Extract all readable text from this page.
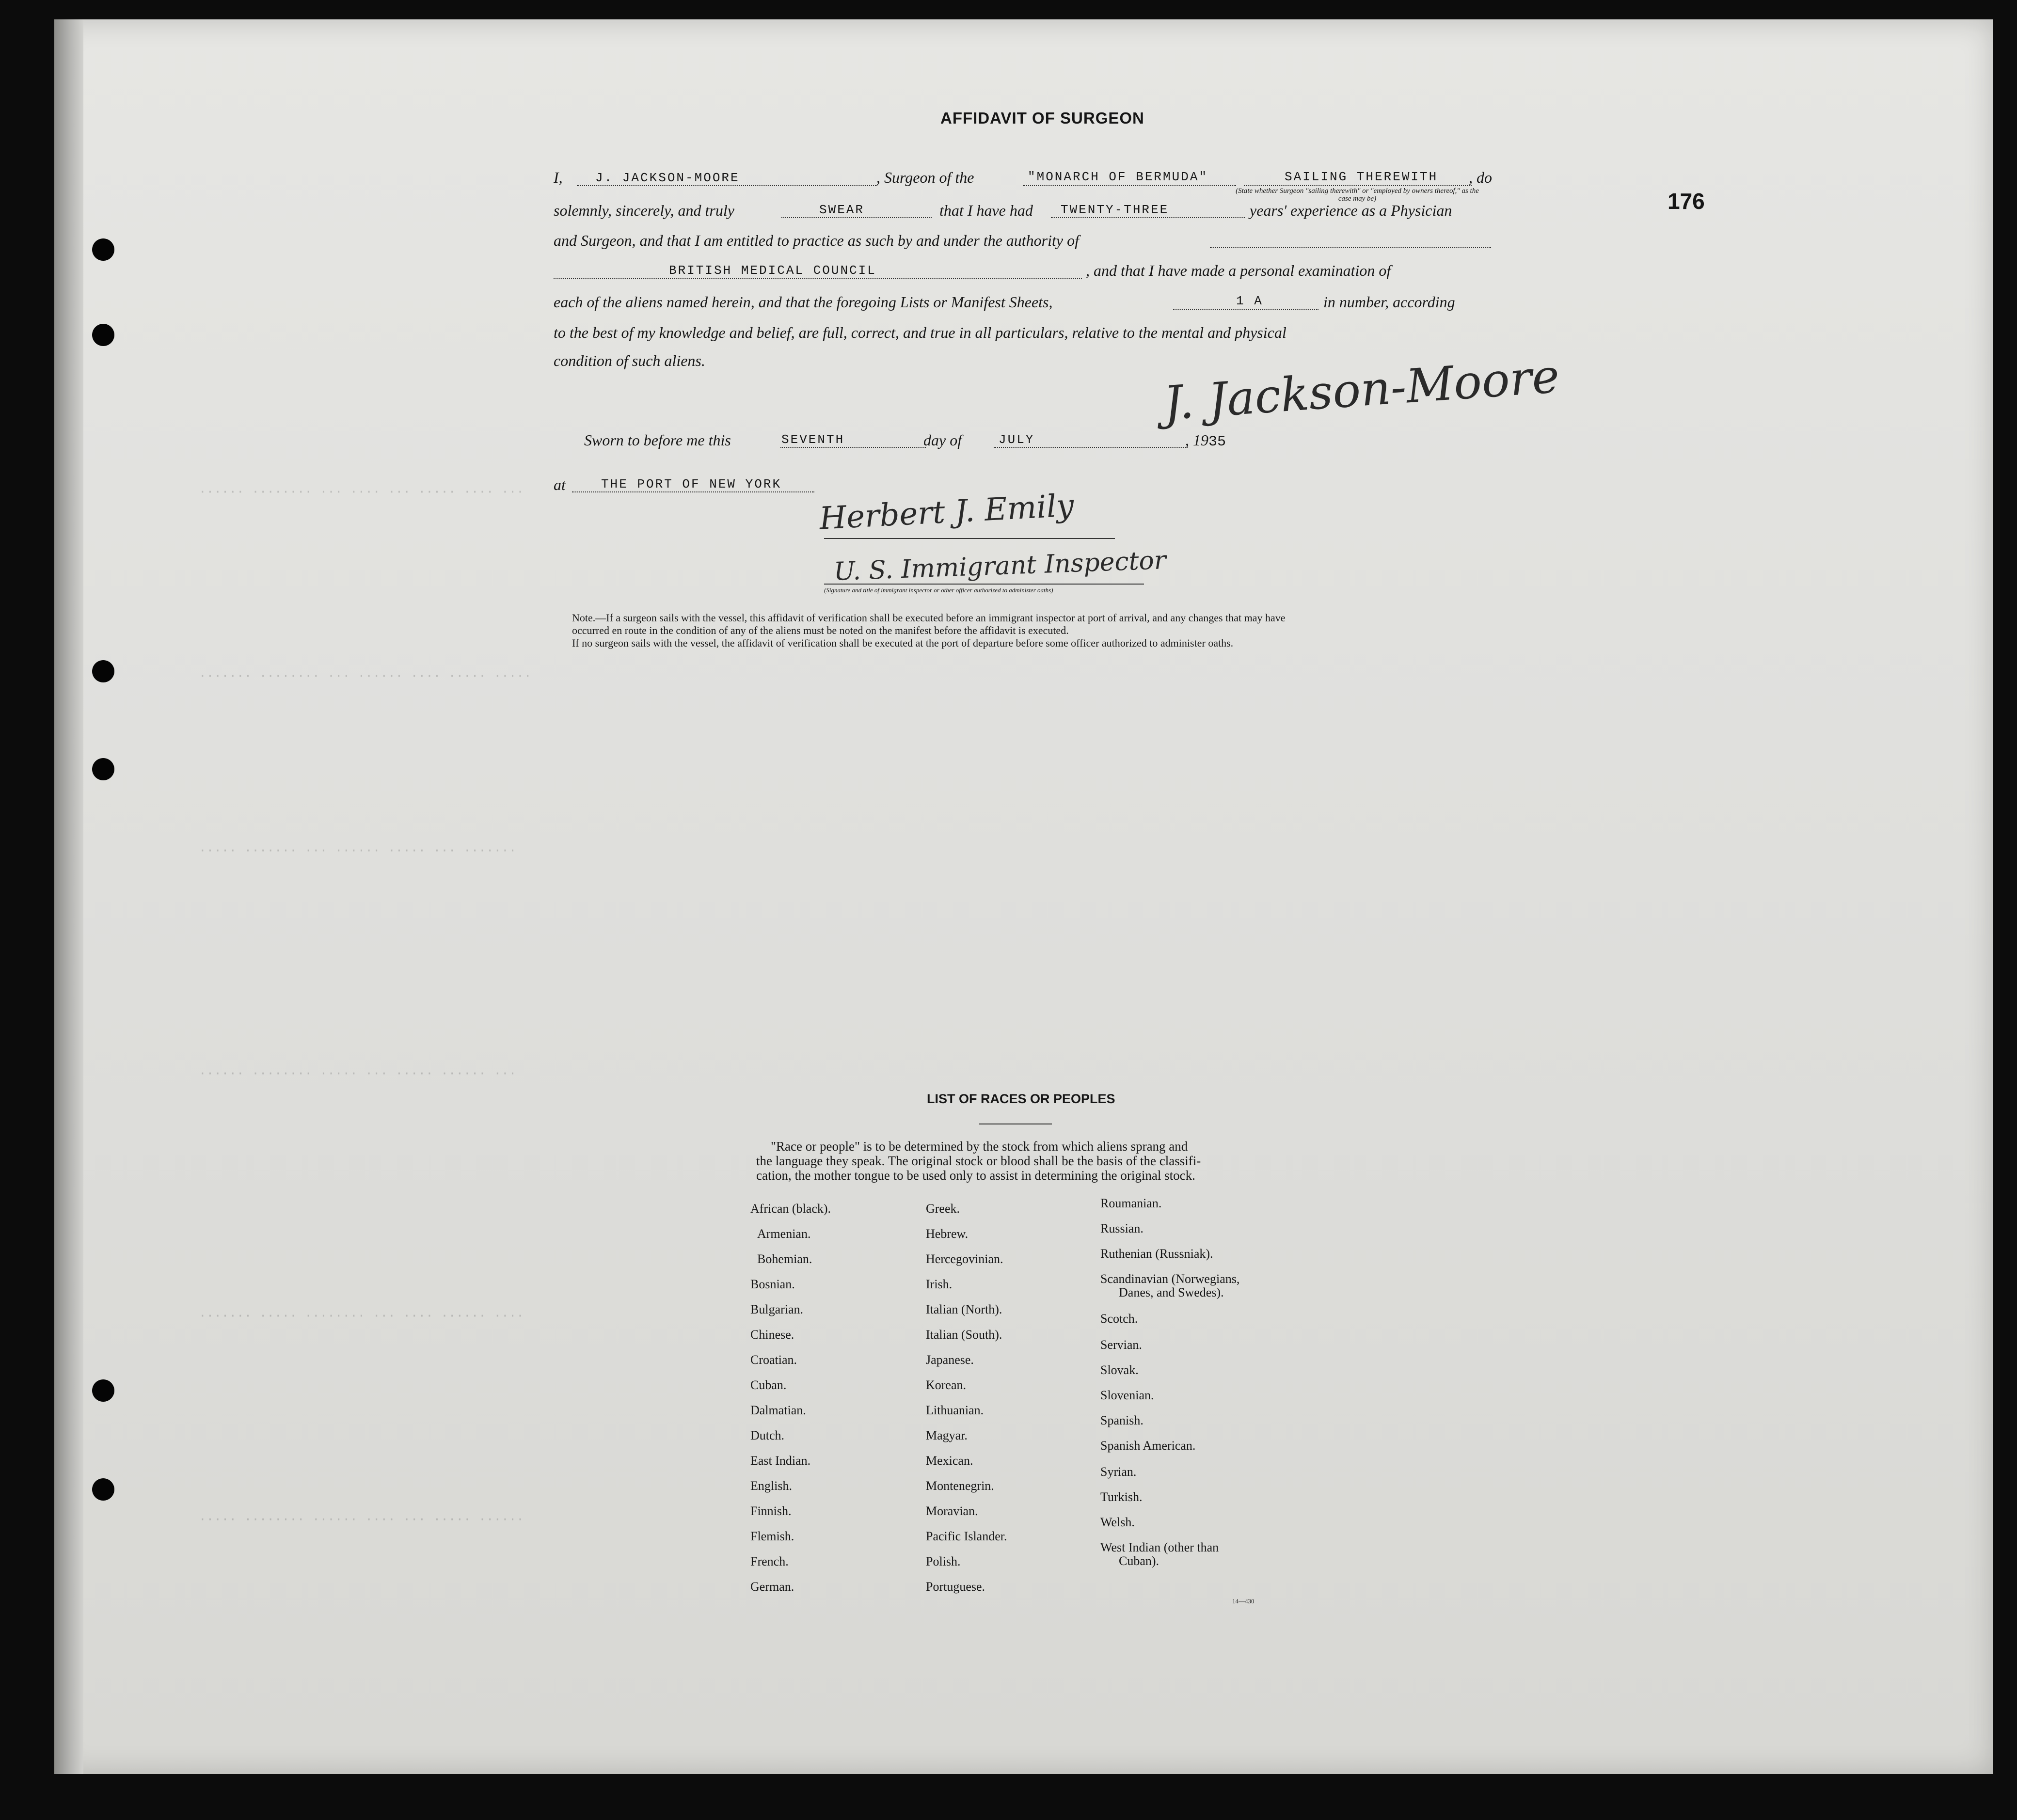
······ ········ ··· ···· ··· ····· ···· ···
······· ········ ··· ······ ···· ····· ·····
····· ······· ··· ······ ····· ··· ·······
······ ········ ····· ··· ····· ······ ···
······· ····· ········ ··· ···· ······ ····
····· ········ ······ ···· ··· ····· ······
176
AFFIDAVIT OF SURGEON
I,	J. JACKSON-MOORE	, Surgeon of the	"MONARCH OF BERMUDA"	SAILING THEREWITH , do
(State whether Surgeon "sailing therewith" or "employed by owners thereof," as the case may be)
solemnly, sincerely, and truly	SWEAR	that I have had TWENTY-THREE	years' experience as a Physician
and Surgeon, and that I am entitled to practice as such by and under the authority of
BRITISH MEDICAL COUNCIL	, and that I have made a personal examination of
each of the aliens named herein, and that the foregoing Lists or Manifest Sheets,	1 A	in number, according
to the best of my knowledge and belief, are full, correct, and true in all particulars, relative to the mental and physical
condition of such aliens.	J. Jackson-Moore
Sworn to before me this	SEVENTH	day of	JULY	, 1935
at	THE PORT OF NEW YORK
Herbert J. Emily
U. S. Immigrant Inspector
(Signature and title of immigrant inspector or other officer authorized to administer oaths)
Note.—If a surgeon sails with the vessel, this affidavit of verification shall be executed before an immigrant inspector at port of arrival, and any changes that may have
occurred en route in the condition of any of the aliens must be noted on the manifest before the affidavit is executed.
If no surgeon sails with the vessel, the affidavit of verification shall be executed at the port of departure before some officer authorized to administer oaths.
LIST OF RACES OR PEOPLES
"Race or people" is to be determined by the stock from which aliens sprang and
the language they speak. The original stock or blood shall be the basis of the classifi-
cation, the mother tongue to be used only to assist in determining the original stock.
African (black).
Armenian.
Bohemian.
Bosnian.
Bulgarian.
Chinese.
Croatian.
Cuban.
Dalmatian.
Dutch.
East Indian.
English.
Finnish.
Flemish.
French.
German.
Greek.
Hebrew.
Hercegovinian.
Irish.
Italian (North).
Italian (South).
Japanese.
Korean.
Lithuanian.
Magyar.
Mexican.
Montenegrin.
Moravian.
Pacific Islander.
Polish.
Portuguese.
Roumanian.
Russian.
Ruthenian (Russniak).
Scandinavian (Norwegians,
Danes, and Swedes).
Scotch.
Servian.
Slovak.
Slovenian.
Spanish.
Spanish American.
Syrian.
Turkish.
Welsh.
West Indian (other than
Cuban).
14—430
